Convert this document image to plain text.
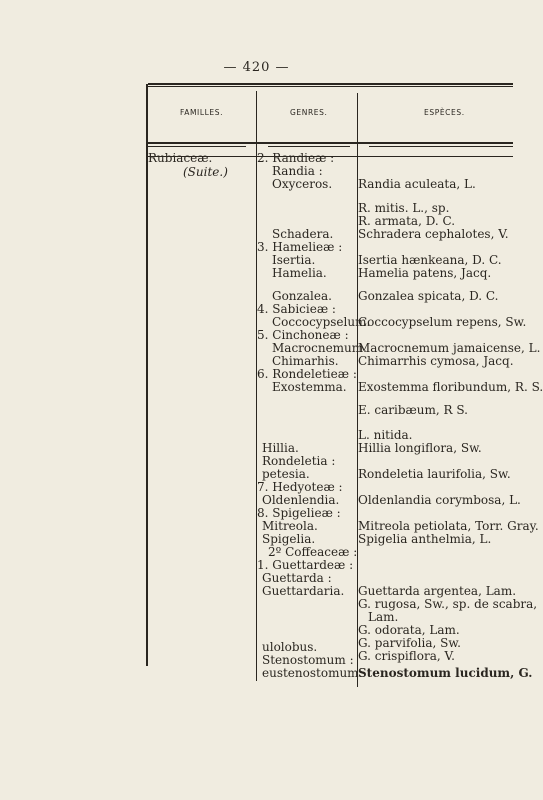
— 420 —
FAMILLES.	GENRES.	ESPÈCES.
Rubiaceæ.
(Suite.)
2. Randieæ :
Randia :
Oxyceros.
Schadera.
3. Hamelieæ :
Isertia.
Hamelia.
Gonzalea.
4. Sabicieæ :
Coccocypselum.
5. Cinchoneæ :
Macrocnemum.
Chimarhis.
6. Rondeletieæ :
Exostemma.
Hillia.
Rondeletia :
petesia.
7. Hedyoteæ :
Oldenlendia.
8. Spigelieæ :
Mitreola.
Spigelia.
2º Coffeaceæ :
1. Guettardeæ :
Guettarda :
Guettardaria.
ulolobus.
Stenostomum :
eustenostomum.
Randia aculeata, L.
R. mitis. L., sp.
R. armata, D. C.
Schradera cephalotes, V.
Isertia hænkeana, D. C.
Hamelia patens, Jacq.
Gonzalea spicata, D. C.
Coccocypselum repens, Sw.
Macrocnemum jamaicense, L.
Chimarrhis cymosa, Jacq.
Exostemma floribundum, R. S.
E. caribæum, R S.
L. nitida.
Hillia longiflora, Sw.
Rondeletia laurifolia, Sw.
Oldenlandia corymbosa, L.
Mitreola petiolata, Torr. Gray.
Spigelia anthelmia, L.
Guettarda argentea, Lam.
G. rugosa, Sw., sp. de scabra,
Lam.
G. odorata, Lam.
G. parvifolia, Sw.
G. crispiflora, V.
Stenostomum lucidum, G.
